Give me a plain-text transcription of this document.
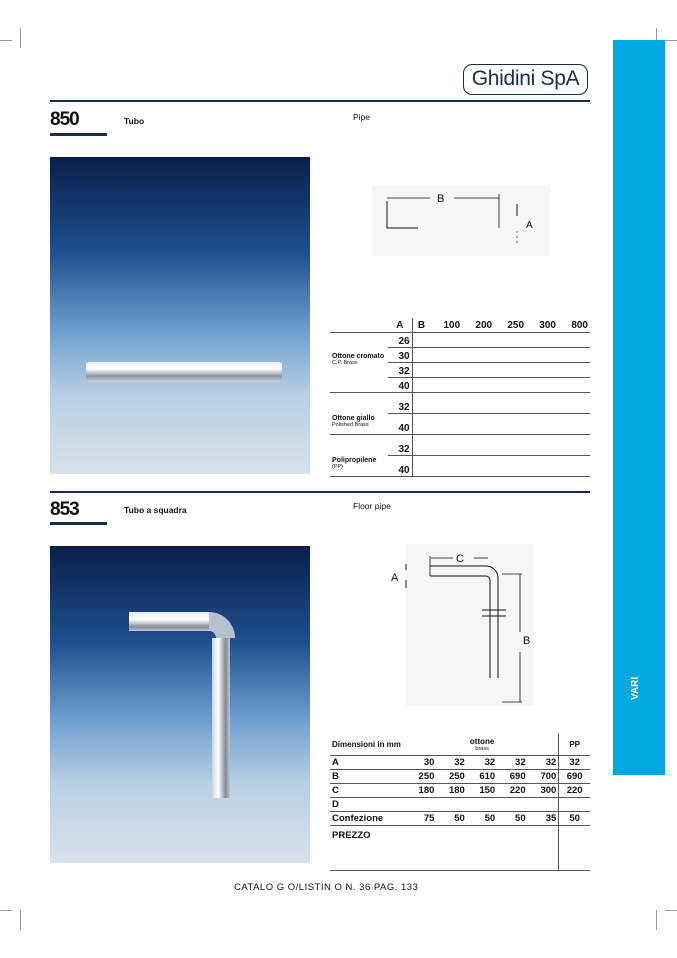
Ghidini SpA
VARI
850	Tubo	Pipe
B
A
	A	B	100	200	250	300	800

Ottone cromato
C.P. Brass	26						
	30						
	32						
	40						

Ottone giallo
Polished Brass	32						
	40						

Polipropilene
(PP)	32						
	40						
853	Tubo a squadra	Floor pipe
C
A
B
Dimensioni in mm	ottone
brass					PP
A	30	32	32	32	32	32
B	250	250	610	690	700	690
C	180	180	150	220	300	220
D						
Confezione	75	50	50	50	35	50
PREZZO						
CATALO G O/LISTIN O N. 36 PAG. 133
